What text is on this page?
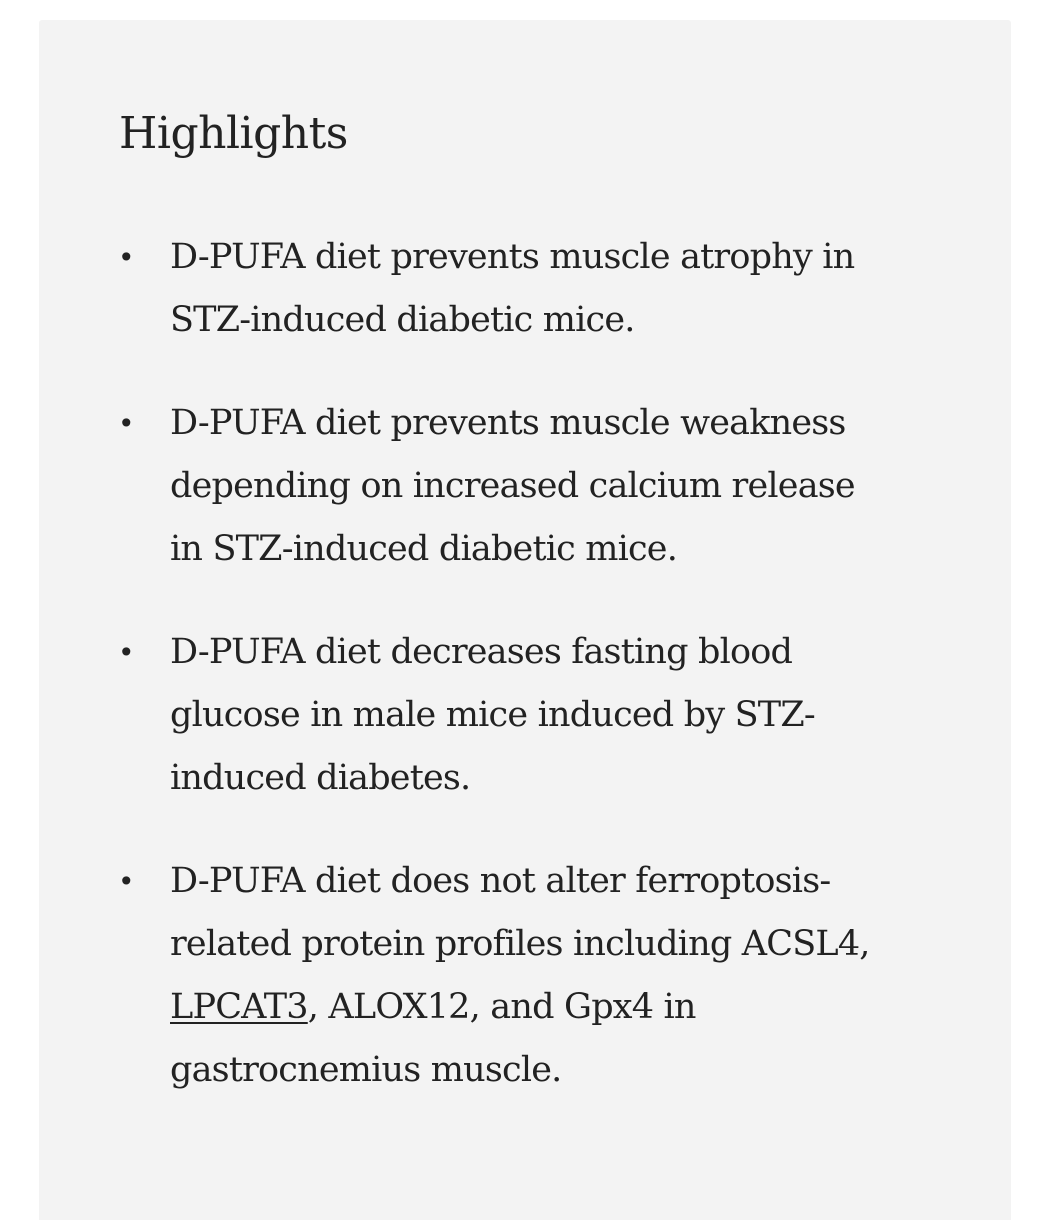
Highlights
• D-PUFA diet prevents muscle atrophy in STZ-induced diabetic mice.
• D-PUFA diet prevents muscle weakness depending on increased calcium release in STZ-induced diabetic mice.
• D-PUFA diet decreases fasting blood glucose in male mice induced by STZ-induced diabetes.
• D-PUFA diet does not alter ferroptosis-related protein profiles including ACSL4, LPCAT3, ALOX12, and Gpx4 in gastrocnemius muscle.
